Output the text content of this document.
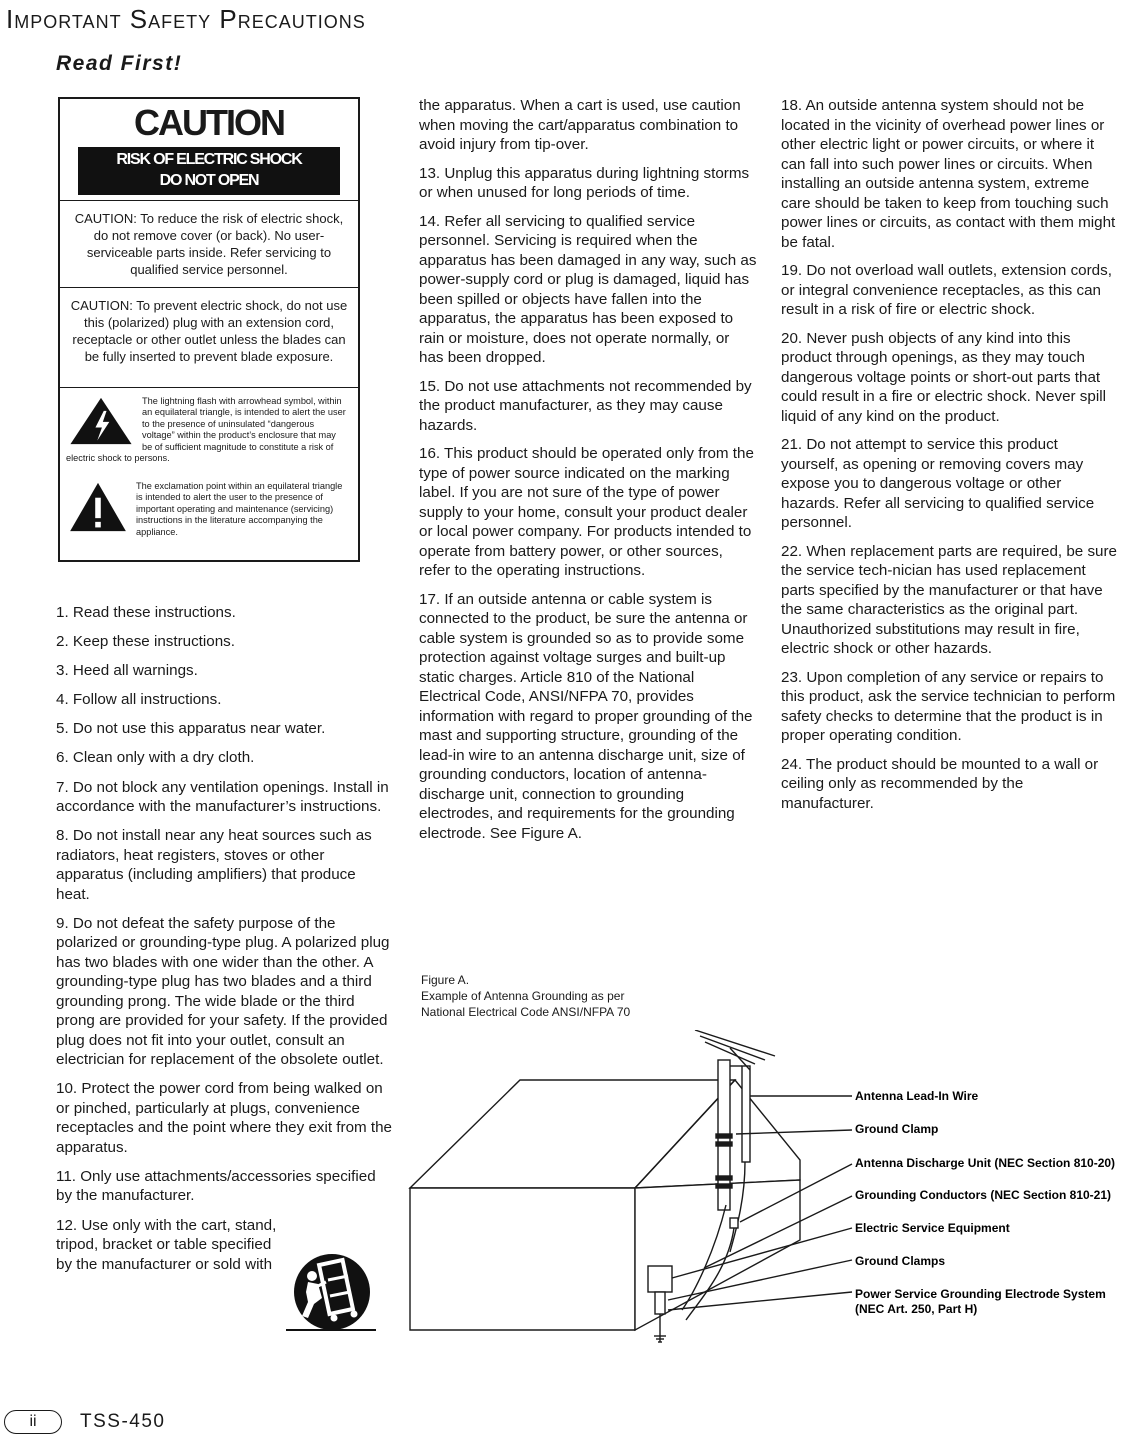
Important Safety Precautions
Read First!
CAUTION
RISK OF ELECTRIC SHOCK
DO NOT OPEN
CAUTION: To reduce the risk of electric shock, do not remove cover (or back). No user-serviceable parts inside. Refer servicing to qualified service personnel.
CAUTION: To prevent electric shock, do not use this (polarized) plug with an extension cord, receptacle or other outlet unless the blades can be fully inserted to prevent blade exposure.
The lightning flash with arrowhead symbol, within an equilateral triangle, is intended to alert the user to the presence of uninsulated “dangerous voltage” within the product’s enclosure that may be of sufficient magnitude to constitute a risk of electric shock to persons.
The exclamation point within an equilateral triangle is intended to alert the user to the presence of important operating and maintenance (servicing) instructions in the literature accompanying the appliance.

1. Read these instructions.

2. Keep these instructions.

3. Heed all warnings.

4. Follow all instructions.

5. Do not use this apparatus near water.

6. Clean only with a dry cloth.

7. Do not block any ventilation openings. Install in accordance with the manufacturer’s instructions.

8. Do not install near any heat sources such as radiators, heat registers, stoves or other apparatus (including amplifiers) that produce heat.

9. Do not defeat the safety purpose of the polarized or grounding-type plug. A polarized plug has two blades with one wider than the other. A grounding-type plug has two blades and a third grounding prong. The wide blade or the third prong are provided for your safety. If the provided plug does not fit into your outlet, consult an electrician for replacement of the obsolete outlet.

10. Protect the power cord from being walked on or pinched, particularly at plugs, convenience receptacles and the point where they exit from the apparatus.

11. Only use attachments/accessories specified by the manufacturer.

12. Use only with the cart, stand, tripod, bracket or table specified by the manufacturer or sold with

the apparatus. When a cart is used, use caution when moving the cart/apparatus combination to avoid injury from tip-over.

13. Unplug this apparatus during lightning storms or when unused for long periods of time.

14. Refer all servicing to qualified service personnel. Servicing is required when the apparatus has been damaged in any way, such as power-supply cord or plug is damaged, liquid has been spilled or objects have fallen into the apparatus, the apparatus has been exposed to rain or moisture, does not operate normally, or has been dropped.

15. Do not use attachments not recommended by the product manufacturer, as they may cause hazards.

16. This product should be operated only from the type of power source indicated on the marking label. If you are not sure of the type of power supply to your home, consult your product dealer or local power company. For products intended to operate from battery power, or other sources, refer to the operating instructions.

17. If an outside antenna or cable system is connected to the product, be sure the antenna or cable system is grounded so as to provide some protection against voltage surges and built-up static charges. Article 810 of the National Electrical Code, ANSI/NFPA 70, provides information with regard to proper grounding of the mast and supporting structure, grounding of the lead-in wire to an antenna discharge unit, size of grounding conductors, location of antenna-discharge unit, connection to grounding electrodes, and requirements for the grounding electrode. See Figure A.

18. An outside antenna system should not be located in the vicinity of overhead power lines or other electric light or power circuits, or where it can fall into such power lines or circuits. When installing an outside antenna system, extreme care should be taken to keep from touching such power lines or circuits, as contact with them might be fatal.

19. Do not overload wall outlets, extension cords, or integral convenience receptacles, as this can result in a risk of fire or electric shock.

20. Never push objects of any kind into this product through openings, as they may touch dangerous voltage points or short-out parts that could result in a fire or electric shock. Never spill liquid of any kind on the product.

21. Do not attempt to service this product yourself, as opening or removing covers may expose you to dangerous voltage or other hazards. Refer all servicing to qualified service personnel.

22. When replacement parts are required, be sure the service tech-nician has used replacement parts specified by the manufacturer or that have the same characteristics as the original part. Unauthorized substitutions may result in fire, electric shock or other hazards.

23. Upon completion of any service or repairs to this product, ask the service technician to perform safety checks to determine that the product is in proper operating condition.

24. The product should be mounted to a wall or ceiling only as recommended by the manufacturer.

Figure A.
Example of Antenna Grounding as per
National Electrical Code ANSI/NFPA 70
Antenna Lead-In Wire
Ground Clamp
Antenna Discharge Unit (NEC Section 810-20)
Grounding Conductors (NEC Section 810-21)
Electric Service Equipment
Ground Clamps
Power Service Grounding Electrode System
(NEC Art. 250, Part H)
ii	TSS-450
